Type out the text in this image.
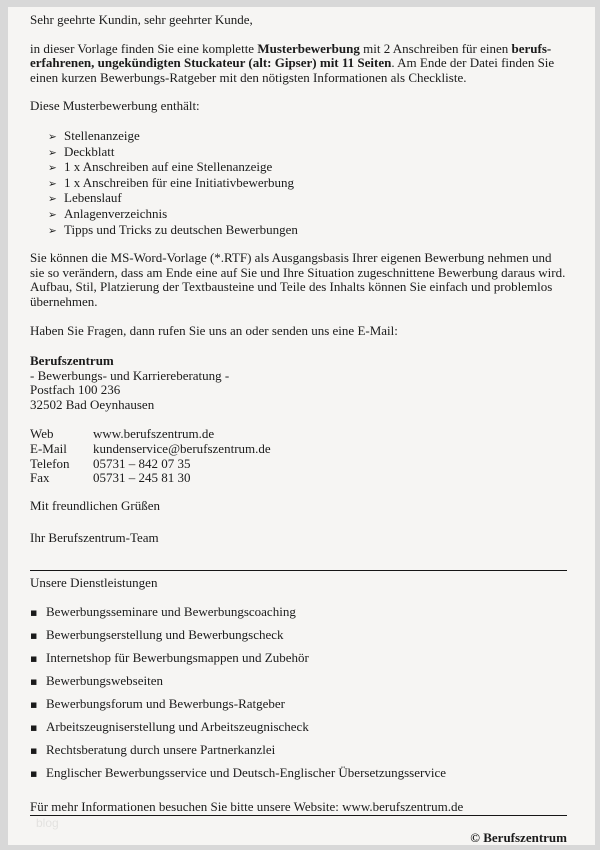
Sehr geehrte Kundin, sehr geehrter Kunde,

in dieser Vorlage finden Sie eine komplette Musterbewerbung mit 2 Anschreiben für einen berufs-erfahrenen, ungekündigten Stuckateur (alt: Gipser) mit 11 Seiten. Am Ende der Datei finden Sie einen kurzen Bewerbungs-Ratgeber mit den nötigsten Informationen als Checkliste.

Diese Musterbewerbung enthält:

➢ Stellenanzeige
➢ Deckblatt
➢ 1 x Anschreiben auf eine Stellenanzeige
➢ 1 x Anschreiben für eine Initiativbewerbung
➢ Lebenslauf
➢ Anlagenverzeichnis
➢ Tipps und Tricks zu deutschen Bewerbungen

Sie können die MS-Word-Vorlage (*.RTF) als Ausgangsbasis Ihrer eigenen Bewerbung nehmen und sie so verändern, dass am Ende eine auf Sie und Ihre Situation zugeschnittene Bewerbung daraus wird. Aufbau, Stil, Platzierung der Textbausteine und Teile des Inhalts können Sie einfach und problemlos übernehmen.

Haben Sie Fragen, dann rufen Sie uns an oder senden uns eine E-Mail:

Berufszentrum

- Bewerbungs- und Karriereberatung -

Postfach 100 236

32502 Bad Oeynhausen

Web	www.berufszentrum.de
E-Mail	kundenservice@berufszentrum.de
Telefon	05731 – 842 07 35
Fax	05731 – 245 81 30

Mit freundlichen Grüßen

Ihr Berufszentrum-Team

Unsere Dienstleistungen

▪ Bewerbungsseminare und Bewerbungscoaching
▪ Bewerbungserstellung und Bewerbungscheck
▪ Internetshop für Bewerbungsmappen und Zubehör
▪ Bewerbungswebseiten
▪ Bewerbungsforum und Bewerbungs-Ratgeber
▪ Arbeitszeugniserstellung und Arbeitszeugnischeck
▪ Rechtsberatung durch unsere Partnerkanzlei
▪ Englischer Bewerbungsservice und Deutsch-Englischer Übersetzungsservice

Für mehr Informationen besuchen Sie bitte unsere Website: www.berufszentrum.de

blog

© Berufszentrum
